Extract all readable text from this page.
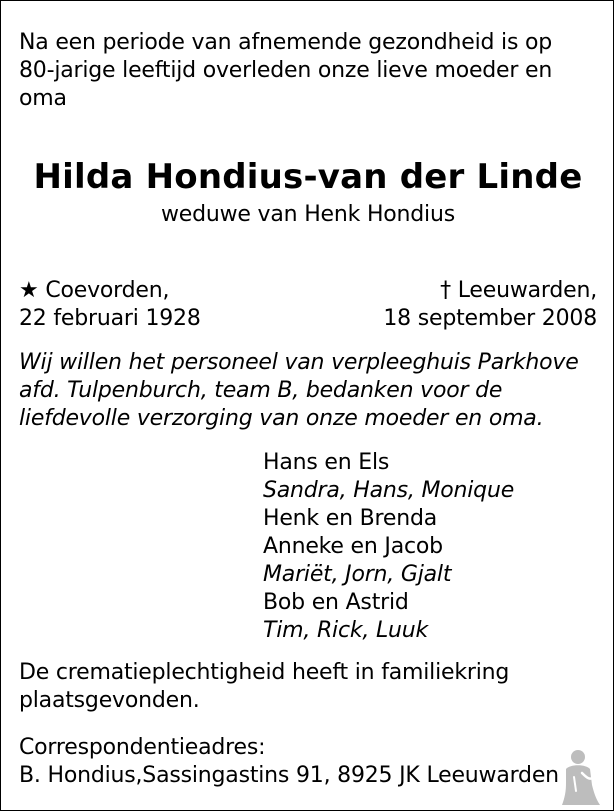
Na een periode van afnemende gezondheid is op
80-jarige leeftijd overleden onze lieve moeder en
oma
Hilda Hondius-van der Linde
weduwe van Henk Hondius
★ Coevorden,
22 februari 1928
† Leeuwarden,
18 september 2008
Wij willen het personeel van verpleeghuis Parkhove
afd. Tulpenburch, team B, bedanken voor de
liefdevolle verzorging van onze moeder en oma.
Hans en Els
Sandra, Hans, Monique
Henk en Brenda
Anneke en Jacob
Mariët, Jorn, Gjalt
Bob en Astrid
Tim, Rick, Luuk
De crematieplechtigheid heeft in familiekring
plaatsgevonden.
Correspondentieadres:
B. Hondius,Sassingastins 91, 8925 JK Leeuwarden
